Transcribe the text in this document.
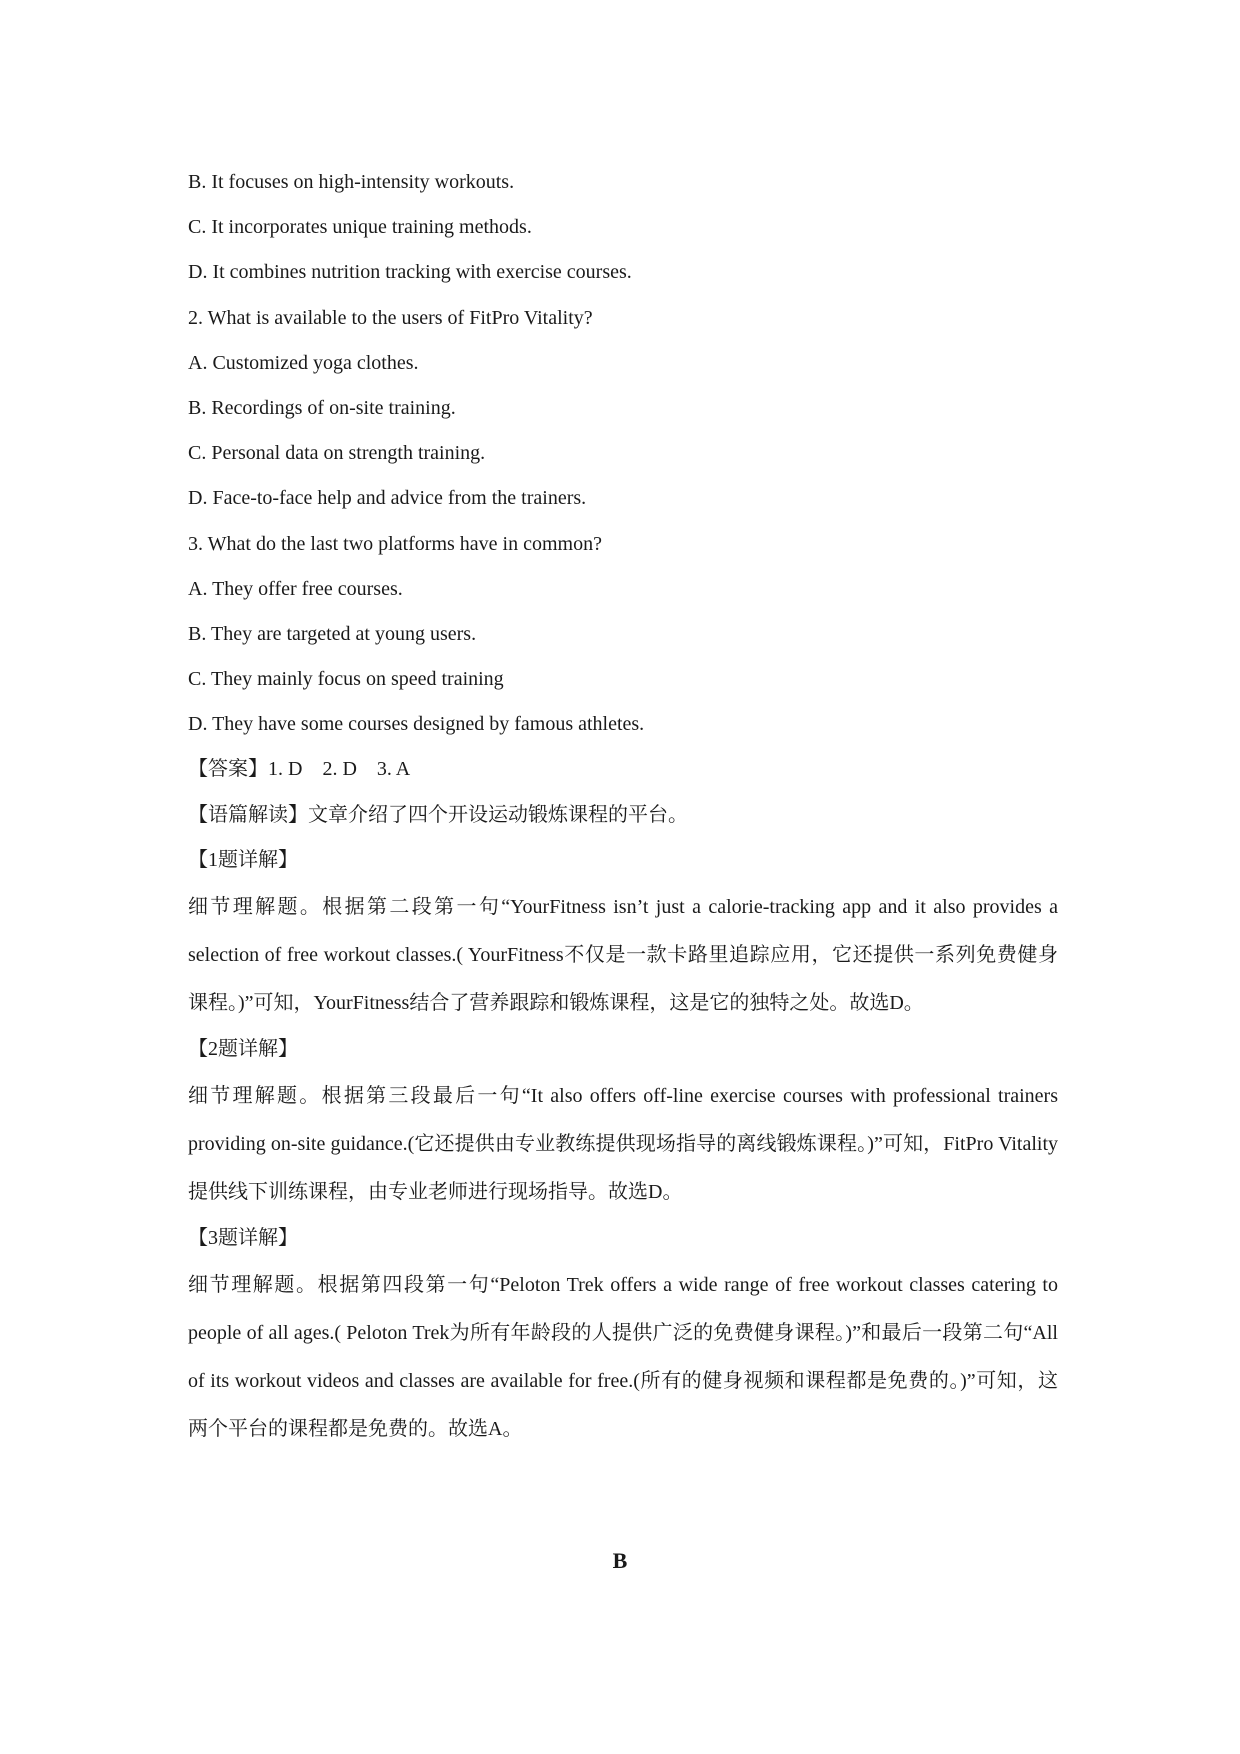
B. It focuses on high-intensity workouts.
C. It incorporates unique training methods.
D. It combines nutrition tracking with exercise courses.
2. What is available to the users of FitPro Vitality?
A. Customized yoga clothes.
B. Recordings of on-site training.
C. Personal data on strength training.
D. Face-to-face help and advice from the trainers.
3. What do the last two platforms have in common?
A. They offer free courses.
B. They are targeted at young users.
C. They mainly focus on speed training
D. They have some courses designed by famous athletes.
【答案】1. D　2. D　3. A
【语篇解读】文章介绍了四个开设运动锻炼课程的平台。
【1题详解】
细节理解题。根据第二段第一句“YourFitness isn’t just a calorie-tracking app and it also provides a selection of free workout classes.( YourFitness不仅是一款卡路里追踪应用，它还提供一系列免费健身课程。)”可知，YourFitness结合了营养跟踪和锻炼课程，这是它的独特之处。故选D。
【2题详解】
细节理解题。根据第三段最后一句“It also offers off-line exercise courses with professional trainers providing on-site guidance.(它还提供由专业教练提供现场指导的离线锻炼课程。)”可知，FitPro Vitality提供线下训练课程，由专业老师进行现场指导。故选D。
【3题详解】
细节理解题。根据第四段第一句“Peloton Trek offers a wide range of free workout classes catering to people of all ages.( Peloton Trek为所有年龄段的人提供广泛的免费健身课程。)”和最后一段第二句“All of its workout videos and classes are available for free.(所有的健身视频和课程都是免费的。)”可知，这两个平台的课程都是免费的。故选A。
B
